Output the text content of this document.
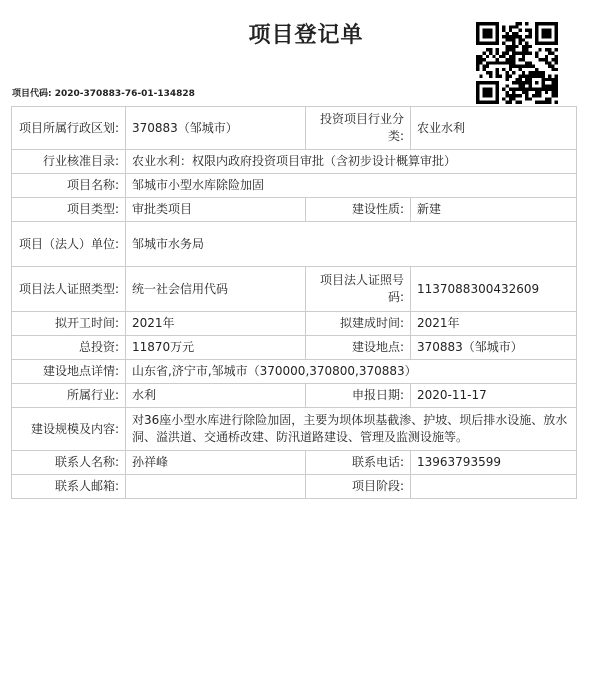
项目登记单
项目代码: 2020-370883-76-01-134828
项目所属行政区划:	370883（邹城市）	投资项目行业分类:	农业水利
行业核准目录:	农业水利：权限内政府投资项目审批（含初步设计概算审批）		
项目名称:	邹城市小型水库除险加固		
项目类型:	审批类项目	建设性质:	新建
项目（法人）单位:	邹城市水务局		
项目法人证照类型:	统一社会信用代码	项目法人证照号码:	1137088300432609
拟开工时间:	2021年	拟建成时间:	2021年
总投资:	11870万元	建设地点:	370883（邹城市）
建设地点详情:	山东省,济宁市,邹城市（370000,370800,370883）		
所属行业:	水利	申报日期:	2020-11-17
建设规模及内容:	对36座小型水库进行除险加固，主要为坝体坝基截渗、护坡、坝后排水设施、放水洞、溢洪道、交通桥改建、防汛道路建设、管理及监测设施等。		
联系人名称:	孙祥峰	联系电话:	13963793599
联系人邮箱:		项目阶段:	
